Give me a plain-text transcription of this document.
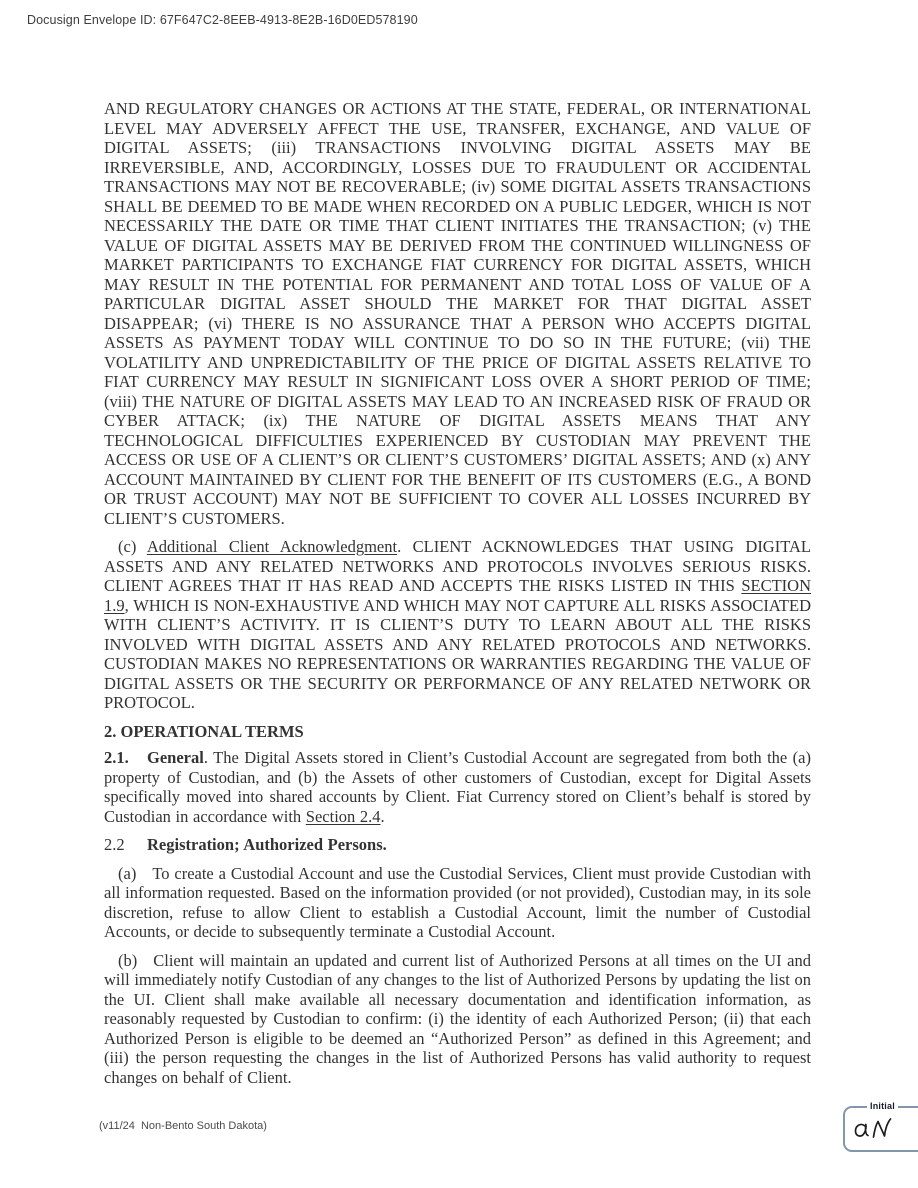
Docusign Envelope ID: 67F647C2-8EEB-4913-8E2B-16D0ED578190

AND REGULATORY CHANGES OR ACTIONS AT THE STATE, FEDERAL, OR INTERNATIONAL LEVEL MAY ADVERSELY AFFECT THE USE, TRANSFER, EXCHANGE, AND VALUE OF DIGITAL ASSETS; (iii) TRANSACTIONS INVOLVING DIGITAL ASSETS MAY BE IRREVERSIBLE, AND, ACCORDINGLY, LOSSES DUE TO FRAUDULENT OR ACCIDENTAL TRANSACTIONS MAY NOT BE RECOVERABLE; (iv) SOME DIGITAL ASSETS TRANSACTIONS SHALL BE DEEMED TO BE MADE WHEN RECORDED ON A PUBLIC LEDGER, WHICH IS NOT NECESSARILY THE DATE OR TIME THAT CLIENT INITIATES THE TRANSACTION; (v) THE VALUE OF DIGITAL ASSETS MAY BE DERIVED FROM THE CONTINUED WILLINGNESS OF MARKET PARTICIPANTS TO EXCHANGE FIAT CURRENCY FOR DIGITAL ASSETS, WHICH MAY RESULT IN THE POTENTIAL FOR PERMANENT AND TOTAL LOSS OF VALUE OF A PARTICULAR DIGITAL ASSET SHOULD THE MARKET FOR THAT DIGITAL ASSET DISAPPEAR; (vi) THERE IS NO ASSURANCE THAT A PERSON WHO ACCEPTS DIGITAL ASSETS AS PAYMENT TODAY WILL CONTINUE TO DO SO IN THE FUTURE; (vii) THE VOLATILITY AND UNPREDICTABILITY OF THE PRICE OF DIGITAL ASSETS RELATIVE TO FIAT CURRENCY MAY RESULT IN SIGNIFICANT LOSS OVER A SHORT PERIOD OF TIME; (viii) THE NATURE OF DIGITAL ASSETS MAY LEAD TO AN INCREASED RISK OF FRAUD OR CYBER ATTACK; (ix) THE NATURE OF DIGITAL ASSETS MEANS THAT ANY TECHNOLOGICAL DIFFICULTIES EXPERIENCED BY CUSTODIAN MAY PREVENT THE ACCESS OR USE OF A CLIENT’S OR CLIENT’S CUSTOMERS’ DIGITAL ASSETS; AND (x) ANY ACCOUNT MAINTAINED BY CLIENT FOR THE BENEFIT OF ITS CUSTOMERS (E.G., A BOND OR TRUST ACCOUNT) MAY NOT BE SUFFICIENT TO COVER ALL LOSSES INCURRED BY CLIENT’S CUSTOMERS.

(c) Additional Client Acknowledgment. CLIENT ACKNOWLEDGES THAT USING DIGITAL ASSETS AND ANY RELATED NETWORKS AND PROTOCOLS INVOLVES SERIOUS RISKS. CLIENT AGREES THAT IT HAS READ AND ACCEPTS THE RISKS LISTED IN THIS SECTION 1.9, WHICH IS NON-EXHAUSTIVE AND WHICH MAY NOT CAPTURE ALL RISKS ASSOCIATED WITH CLIENT’S ACTIVITY. IT IS CLIENT’S DUTY TO LEARN ABOUT ALL THE RISKS INVOLVED WITH DIGITAL ASSETS AND ANY RELATED PROTOCOLS AND NETWORKS. CUSTODIAN MAKES NO REPRESENTATIONS OR WARRANTIES REGARDING THE VALUE OF DIGITAL ASSETS OR THE SECURITY OR PERFORMANCE OF ANY RELATED NETWORK OR PROTOCOL.

2. OPERATIONAL TERMS

2.1. General. The Digital Assets stored in Client’s Custodial Account are segregated from both the (a) property of Custodian, and (b) the Assets of other customers of Custodian, except for Digital Assets specifically moved into shared accounts by Client. Fiat Currency stored on Client’s behalf is stored by Custodian in accordance with Section 2.4.

2.2 Registration; Authorized Persons.

(a) To create a Custodial Account and use the Custodial Services, Client must provide Custodian with all information requested. Based on the information provided (or not provided), Custodian may, in its sole discretion, refuse to allow Client to establish a Custodial Account, limit the number of Custodial Accounts, or decide to subsequently terminate a Custodial Account.

(b) Client will maintain an updated and current list of Authorized Persons at all times on the UI and will immediately notify Custodian of any changes to the list of Authorized Persons by updating the list on the UI. Client shall make available all necessary documentation and identification information, as reasonably requested by Custodian to confirm: (i) the identity of each Authorized Person; (ii) that each Authorized Person is eligible to be deemed an “Authorized Person” as defined in this Agreement; and (iii) the person requesting the changes in the list of Authorized Persons has valid authority to request changes on behalf of Client.

(v11/24  Non-Bento South Dakota)
Initial
